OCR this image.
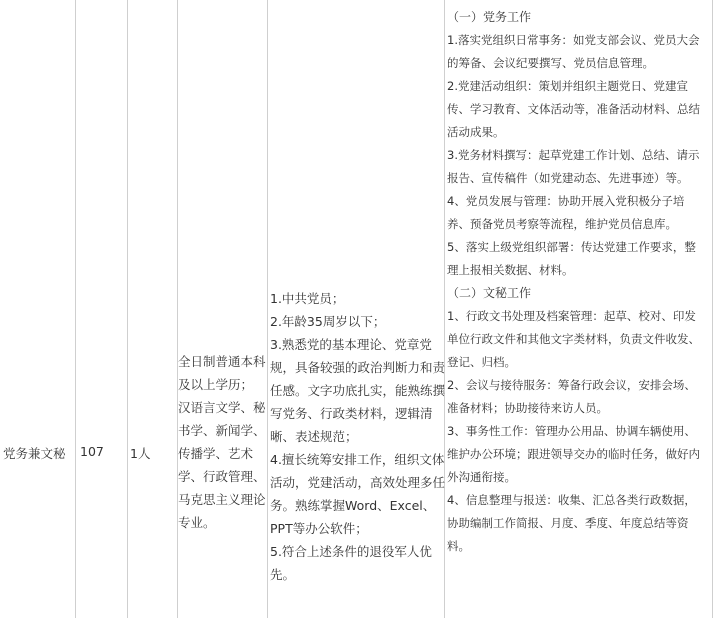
党务兼文秘 107 1人
全日制普通本科
及以上学历；
汉语言文学、秘
书学、新闻学、
传播学、艺术
学、行政管理、
马克思主义理论
专业。
1.中共党员；
2.年龄35周岁以下；
3.熟悉党的基本理论、党章党
规，具备较强的政治判断力和责
任感。文字功底扎实，能熟练撰
写党务、行政类材料，逻辑清
晰、表述规范；
4.擅长统筹安排工作，组织文体
活动，党建活动，高效处理多任
务。熟练掌握Word、Excel、
PPT等办公软件；
5.符合上述条件的退役军人优
先。
（一）党务工作
1.落实党组织日常事务：如党支部会议、党员大会
的筹备、会议纪要撰写、党员信息管理。
2.党建活动组织：策划并组织主题党日、党建宣
传、学习教育、文体活动等，准备活动材料、总结
活动成果。
3.党务材料撰写：起草党建工作计划、总结、请示
报告、宣传稿件（如党建动态、先进事迹）等。
4、党员发展与管理：协助开展入党积极分子培
养、预备党员考察等流程，维护党员信息库。
5、落实上级党组织部署：传达党建工作要求，整
理上报相关数据、材料。
（二）文秘工作
1、行政文书处理及档案管理：起草、校对、印发
单位行政文件和其他文字类材料，负责文件收发、
登记、归档。
2、会议与接待服务：筹备行政会议，安排会场、
准备材料；协助接待来访人员。
3、事务性工作：管理办公用品、协调车辆使用、
维护办公环境；跟进领导交办的临时任务，做好内
外沟通衔接。
4、信息整理与报送：收集、汇总各类行政数据，
协助编制工作简报、月度、季度、年度总结等资
料。
